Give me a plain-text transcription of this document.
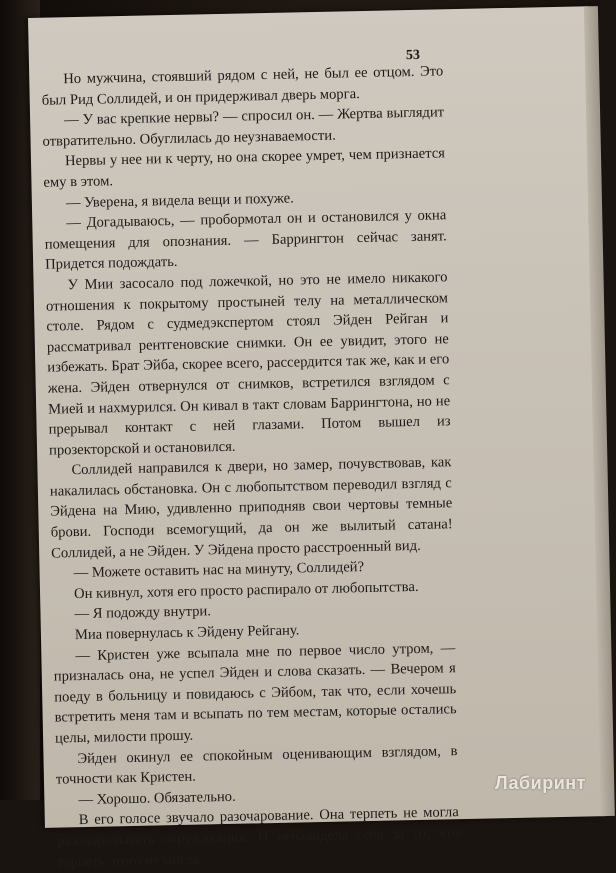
53

Но мужчина, стоявший рядом с ней, не был ее отцом. Это был Рид Соллидей, и он придерживал дверь морга.

— У вас крепкие нервы? — спросил он. — Жертва выглядит отвратительно. Обуглилась до неузнаваемости.

Нервы у нее ни к черту, но она скорее умрет, чем признается ему в этом.

— Уверена, я видела вещи и похуже.

— Догадываюсь, — пробормотал он и остановился у окна помещения для опознания. — Баррингтон сейчас занят. Придется подождать.

У Мии засосало под ложечкой, но это не имело никакого отношения к покрытому простыней телу на металлическом столе. Рядом с судмедэкспертом стоял Эйден Рейган и рассматривал рентгеновские снимки. Он ее увидит, этого не избежать. Брат Эйба, скорее всего, рассердится так же, как и его жена. Эйден отвернулся от снимков, встретился взглядом с Мией и нахмурился. Он кивал в такт словам Баррингтона, но не прерывал контакт с ней глазами. Потом вышел из прозекторской и остановился.

Соллидей направился к двери, но замер, почувствовав, как накалилась обстановка. Он с любопытством переводил взгляд с Эйдена на Мию, удивленно приподняв свои чертовы темные брови. Господи всемогущий, да он же вылитый сатана! Соллидей, а не Эйден. У Эйдена просто расстроенный вид.

— Можете оставить нас на минуту, Соллидей?

Он кивнул, хотя его просто распирало от любопытства.

— Я подожду внутри.

Миа повернулась к Эйдену Рейгану.

— Кристен уже всыпала мне по первое число утром, — призналась она, не успел Эйден и слова сказать. — Вечером я поеду в больницу и повидаюсь с Эйбом, так что, если хочешь встретить меня там и всыпать по тем местам, которые остались целы, милости прошу.

Эйден окинул ее спокойным оценивающим взглядом, в точности как Кристен.

— Хорошо. Обязательно.

В его голосе звучало разочарование. Она терпеть не могла разочаровывать окружающих. И ненавидела себя за то, что терпеть этого не могла.

Лабиринт
